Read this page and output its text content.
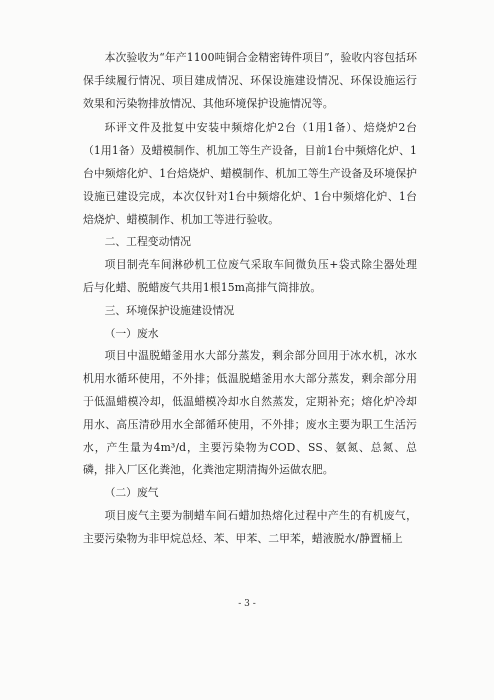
本次验收为“年产1100吨铜合金精密铸件项目”，验收内容包括环保手续履行情况、项目建成情况、环保设施建设情况、环保设施运行效果和污染物排放情况、其他环境保护设施情况等。

环评文件及批复中安装中频熔化炉2台（1用1备）、焙烧炉2台（1用1备）及蜡模制作、机加工等生产设备，目前1台中频熔化炉、1台中频熔化炉、1台焙烧炉、蜡模制作、机加工等生产设备及环境保护设施已建设完成，本次仅针对1台中频熔化炉、1台中频熔化炉、1台焙烧炉、蜡模制作、机加工等进行验收。

二、工程变动情况

项目制壳车间淋砂机工位废气采取车间微负压+袋式除尘器处理后与化蜡、脱蜡废气共用1根15m高排气筒排放。

三、环境保护设施建设情况

（一）废水

项目中温脱蜡釜用水大部分蒸发，剩余部分回用于冰水机，冰水机用水循环使用，不外排；低温脱蜡釜用水大部分蒸发，剩余部分用于低温蜡模冷却，低温蜡模冷却水自然蒸发，定期补充；熔化炉冷却用水、高压清砂用水全部循环使用，不外排；废水主要为职工生活污水，产生量为4m³/d，主要污染物为COD、SS、氨氮、总氮、总磷，排入厂区化粪池，化粪池定期清掏外运做农肥。

（二）废气

项目废气主要为制蜡车间石蜡加热熔化过程中产生的有机废气，主要污染物为非甲烷总烃、苯、甲苯、二甲苯，蜡液脱水/静置桶上

- 3 -
